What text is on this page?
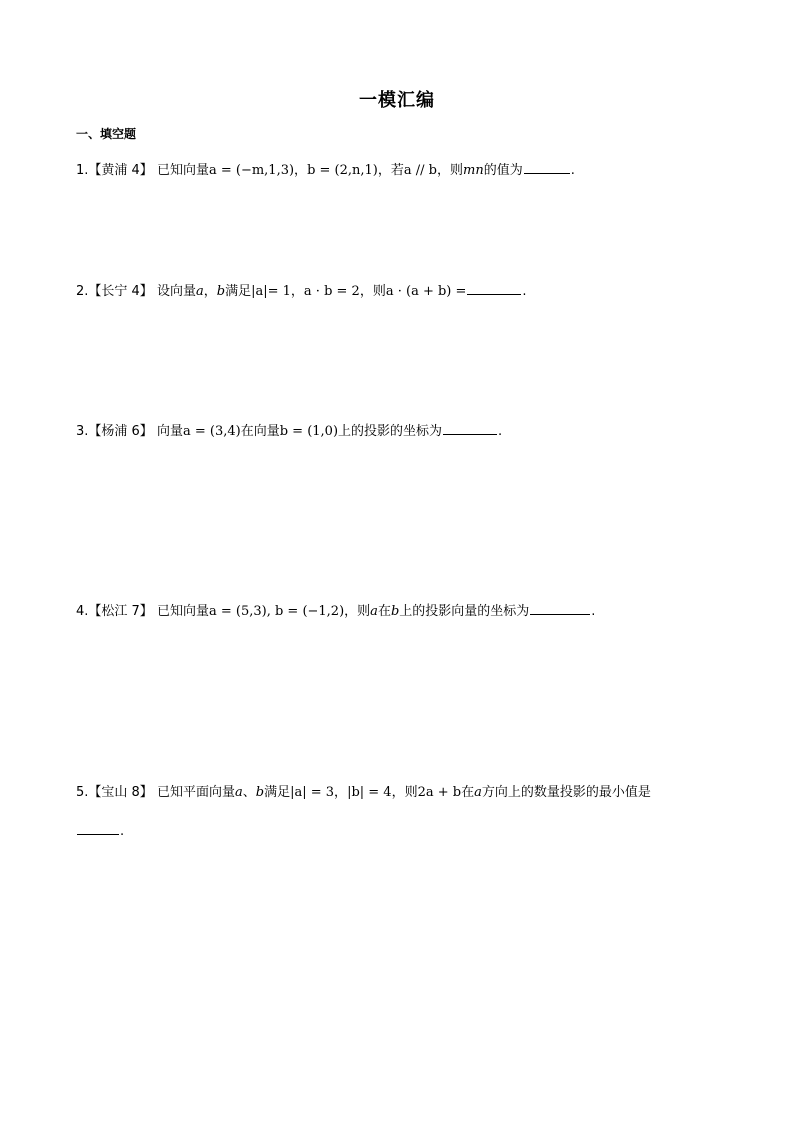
一模汇编
一、填空题
1.【黄浦 4】 已知向量a = (−m,1,3)，b = (2,n,1)，若a // b，则mn的值为	.
2.【长宁 4】 设向量a，b满足|a|= 1，a · b = 2，则a · (a + b) =	.
3.【杨浦 6】 向量a = (3,4)在向量b = (1,0)上的投影的坐标为	.
4.【松江 7】 已知向量a = (5,3), b = (−1,2)，则a在b上的投影向量的坐标为	.
5.【宝山 8】 已知平面向量a、b满足|a| = 3，|b| = 4，则2a + b在a方向上的数量投影的最小值是
.
